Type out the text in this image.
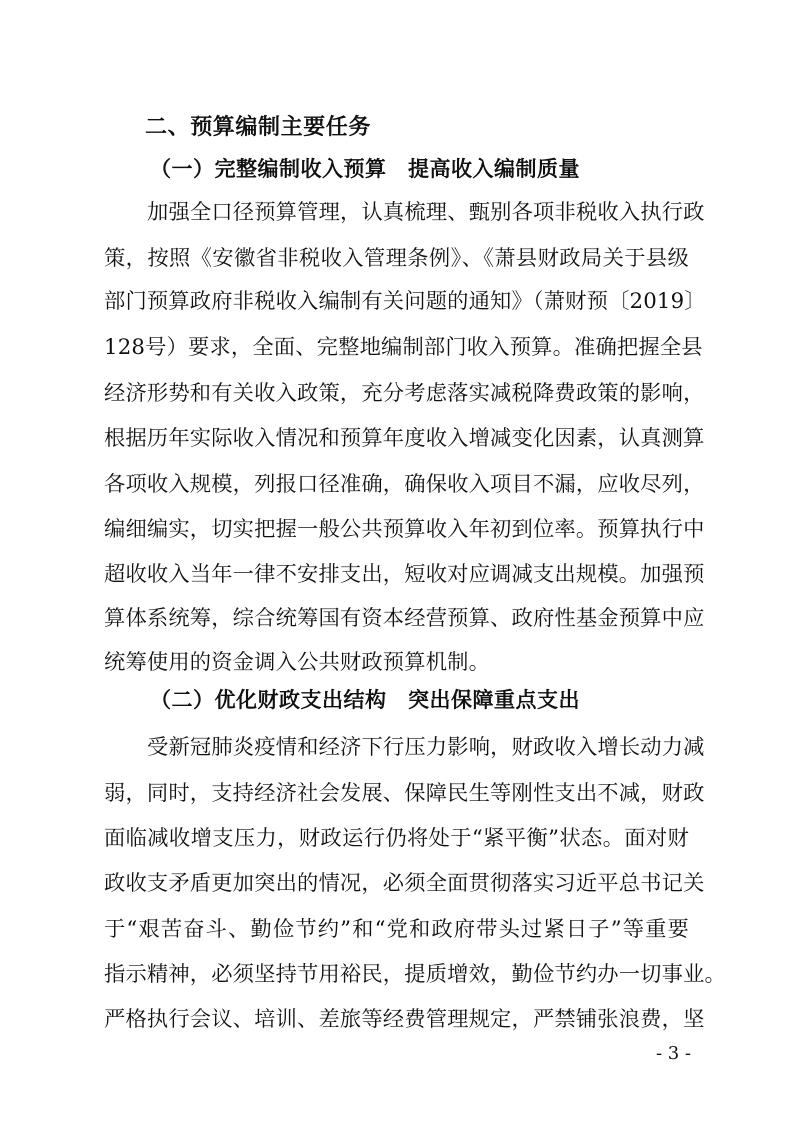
二、预算编制主要任务
（一）完整编制收入预算　提高收入编制质量
加强全口径预算管理，认真梳理、甄别各项非税收入执行政
策，按照《安徽省非税收入管理条例》、《萧县财政局关于县级
部门预算政府非税收入编制有关问题的通知》（萧财预〔2019〕
128号）要求，全面、完整地编制部门收入预算。准确把握全县
经济形势和有关收入政策，充分考虑落实减税降费政策的影响，
根据历年实际收入情况和预算年度收入增减变化因素，认真测算
各项收入规模，列报口径准确，确保收入项目不漏，应收尽列，
编细编实，切实把握一般公共预算收入年初到位率。预算执行中
超收收入当年一律不安排支出，短收对应调减支出规模。加强预
算体系统筹，综合统筹国有资本经营预算、政府性基金预算中应
统筹使用的资金调入公共财政预算机制。
（二）优化财政支出结构　突出保障重点支出
受新冠肺炎疫情和经济下行压力影响，财政收入增长动力减
弱，同时，支持经济社会发展、保障民生等刚性支出不减，财政
面临减收增支压力，财政运行仍将处于“紧平衡”状态。面对财
政收支矛盾更加突出的情况，必须全面贯彻落实习近平总书记关
于“艰苦奋斗、勤俭节约”和“党和政府带头过紧日子”等重要
指示精神，必须坚持节用裕民，提质增效，勤俭节约办一切事业。
严格执行会议、培训、差旅等经费管理规定，严禁铺张浪费，坚
- 3 -
